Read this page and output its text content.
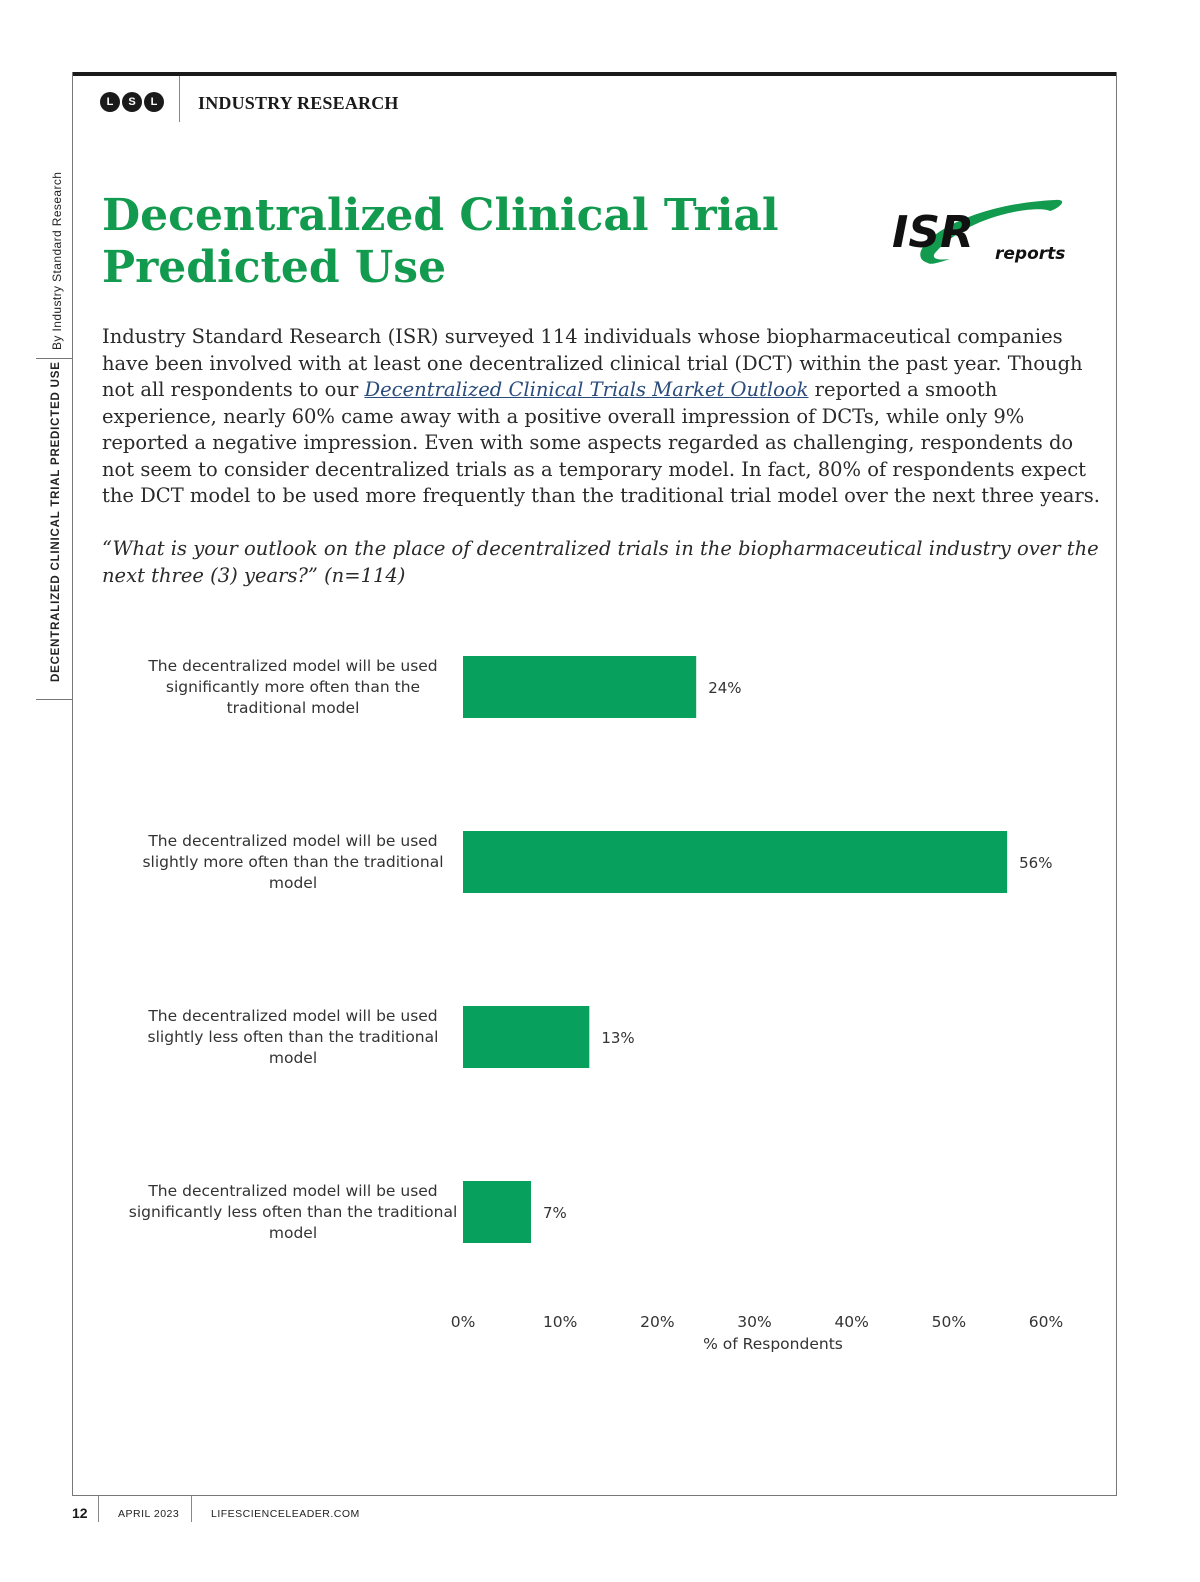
By Industry Standard Research
DECENTRALIZED CLINICAL TRIAL PREDICTED USE
L	S	L	INDUSTRY RESEARCH
Decentralized Clinical Trial
Predicted Use
ISR reports
Industry Standard Research (ISR) surveyed 114 individuals whose biopharmaceutical companies have been involved with at least one decentralized clinical trial (DCT) within the past year. Though not all respondents to our Decentralized Clinical Trials Market Outlook reported a smooth experience, nearly 60% came away with a positive overall impression of DCTs, while only 9% reported a negative impression. Even with some aspects regarded as challenging, respondents do not seem to consider decentralized trials as a temporary model. In fact, 80% of respondents expect the DCT model to be used more frequently than the traditional trial model over the next three years.
“What is your outlook on the place of decentralized trials in the biopharmaceutical industry over the next three (3) years?” (n=114)
24%
The decentralized model will be used significantly more often than the traditional model
56%
The decentralized model will be used slightly more often than the traditional model
13%
The decentralized model will be used slightly less often than the traditional model
7%
The decentralized model will be used significantly less often than the traditional model
0%	10%	20%	30%	40%	50%	60%
% of Respondents
12	APRIL 2023	LIFESCIENCELEADER.COM
